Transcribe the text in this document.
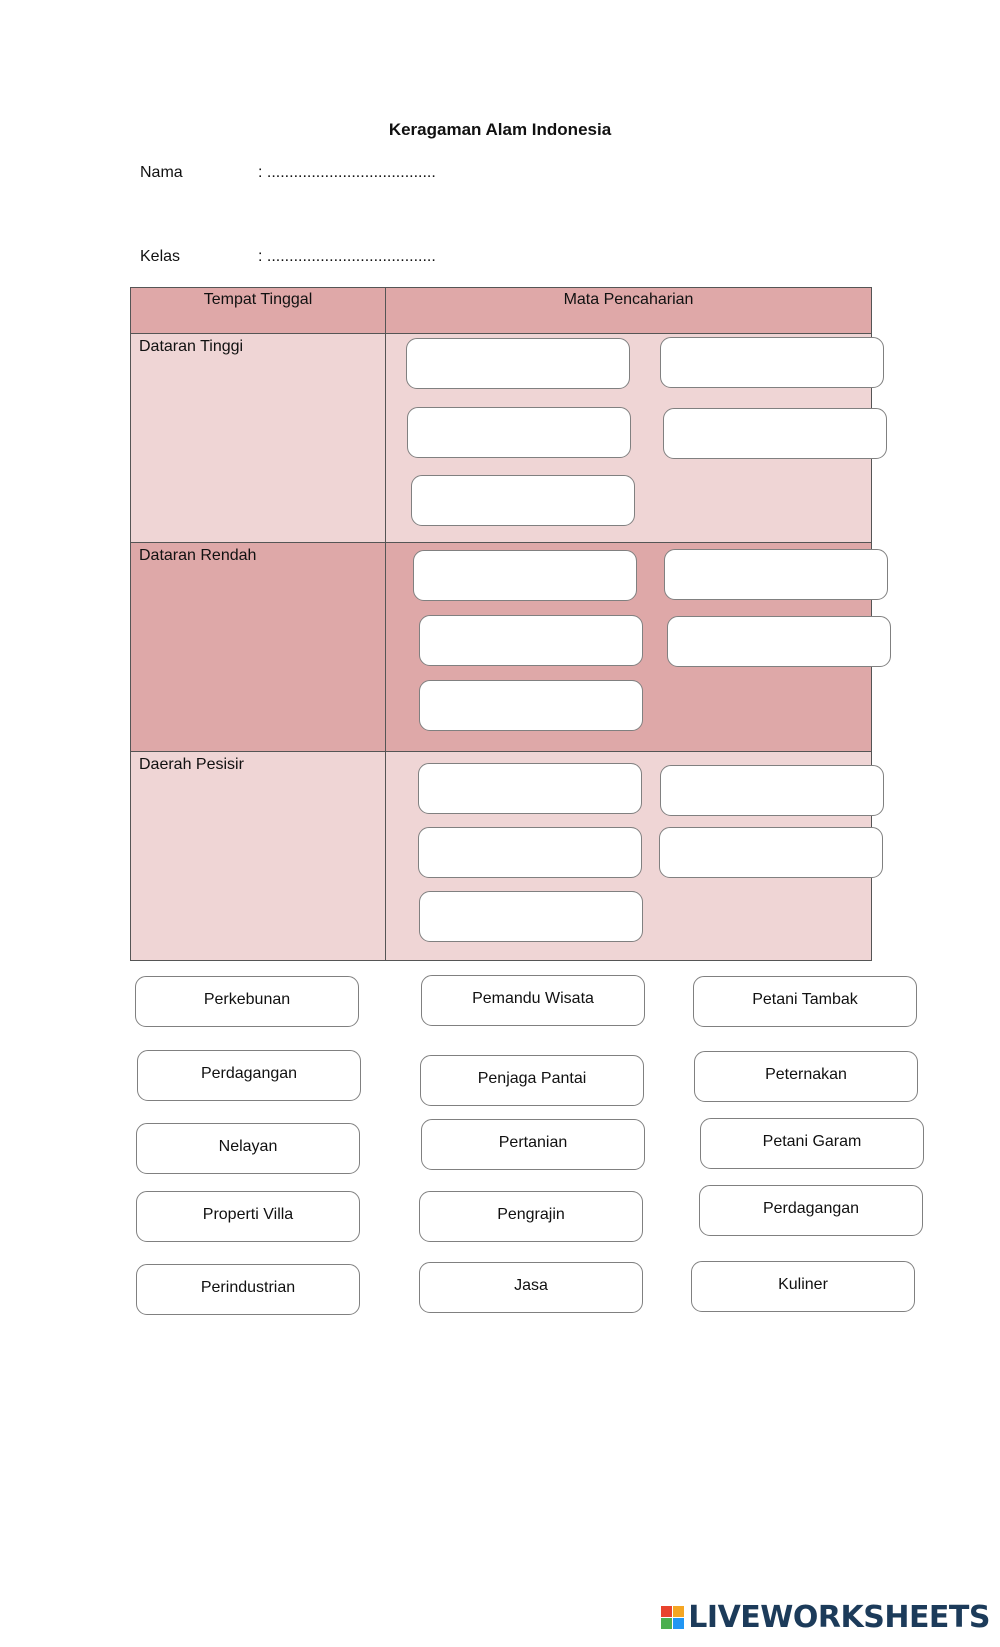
Keragaman Alam Indonesia
Nama	: ......................................
Kelas	: ......................................
Tempat Tinggal	Mata Pencaharian
Dataran Tinggi	
Dataran Rendah	
Daerah Pesisir	
Perkebunan	Pemandu Wisata	Petani Tambak
Perdagangan	Penjaga Pantai	Peternakan
Nelayan	Pertanian	Petani Garam
Properti Villa	Pengrajin	Perdagangan
Perindustrian	Jasa	Kuliner
LIVEWORKSHEETS
